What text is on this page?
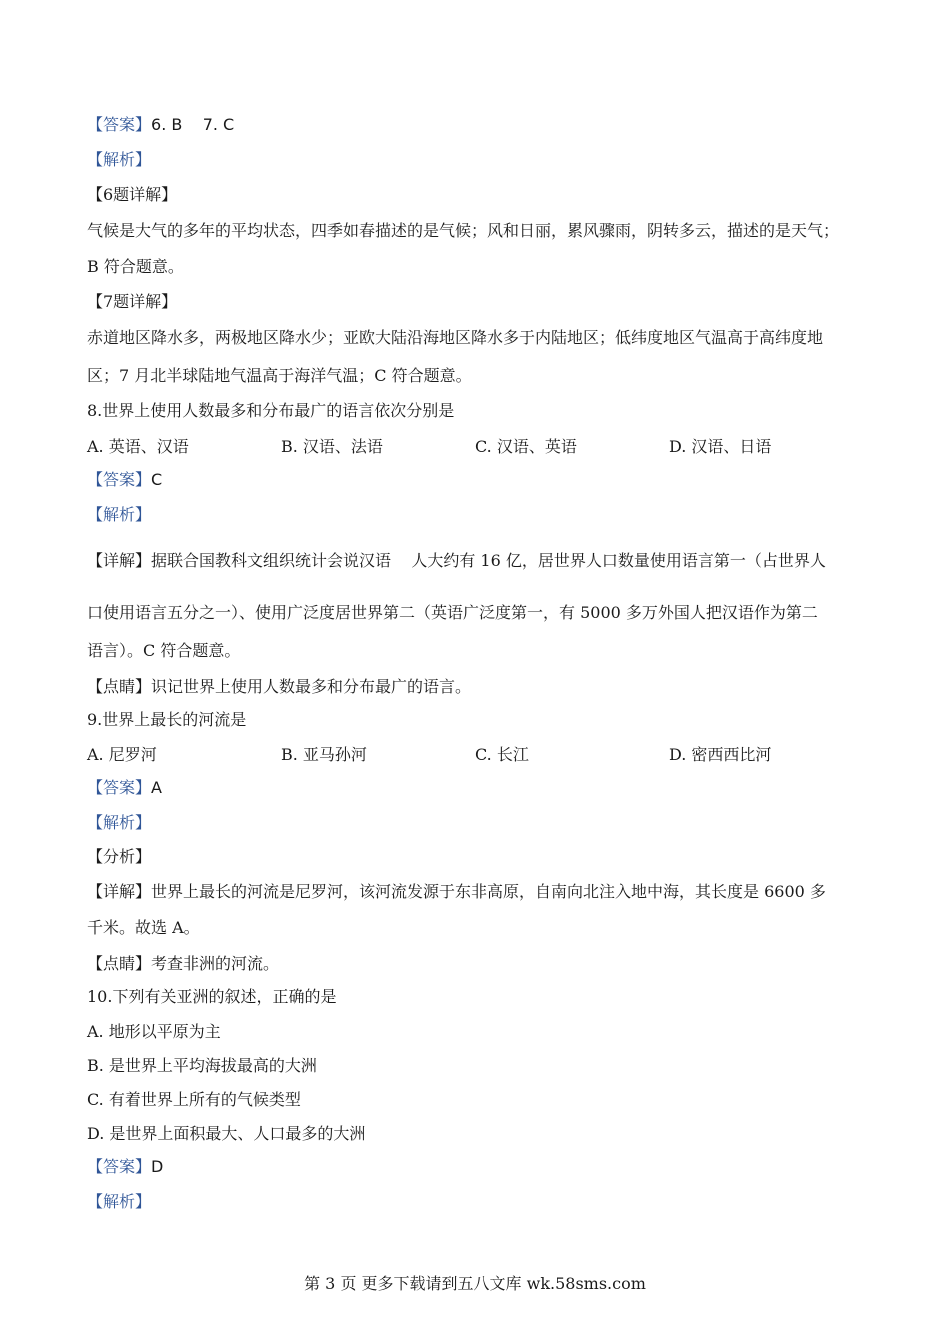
【答案】6. B    7. C
【解析】
【6题详解】
气候是大气的多年的平均状态，四季如春描述的是气候；风和日丽，累风骤雨，阴转多云，描述的是天气；
B 符合题意。
【7题详解】
赤道地区降水多，两极地区降水少；亚欧大陆沿海地区降水多于内陆地区；低纬度地区气温高于高纬度地
区；7 月北半球陆地气温高于海洋气温；C 符合题意。
8.世界上使用人数最多和分布最广的语言依次分别是
A. 英语、汉语	B. 汉语、法语	C. 汉语、英语	D. 汉语、日语
【答案】C
【解析】
【详解】据联合国教科文组织统计会说汉语    人大约有 16 亿，居世界人口数量使用语言第一（占世界人
口使用语言五分之一）、使用广泛度居世界第二（英语广泛度第一，有 5000 多万外国人把汉语作为第二
语言）。C 符合题意。
【点睛】识记世界上使用人数最多和分布最广的语言。
9.世界上最长的河流是
A. 尼罗河	B. 亚马孙河	C. 长江	D. 密西西比河
【答案】A
【解析】
【分析】
【详解】世界上最长的河流是尼罗河，该河流发源于东非高原，自南向北注入地中海，其长度是 6600 多
千米。故选 A。
【点睛】考查非洲的河流。
10.下列有关亚洲的叙述，正确的是
A. 地形以平原为主
B. 是世界上平均海拔最高的大洲
C. 有着世界上所有的气候类型
D. 是世界上面积最大、人口最多的大洲
【答案】D
【解析】
第 3 页 更多下载请到五八文库 wk.58sms.com
